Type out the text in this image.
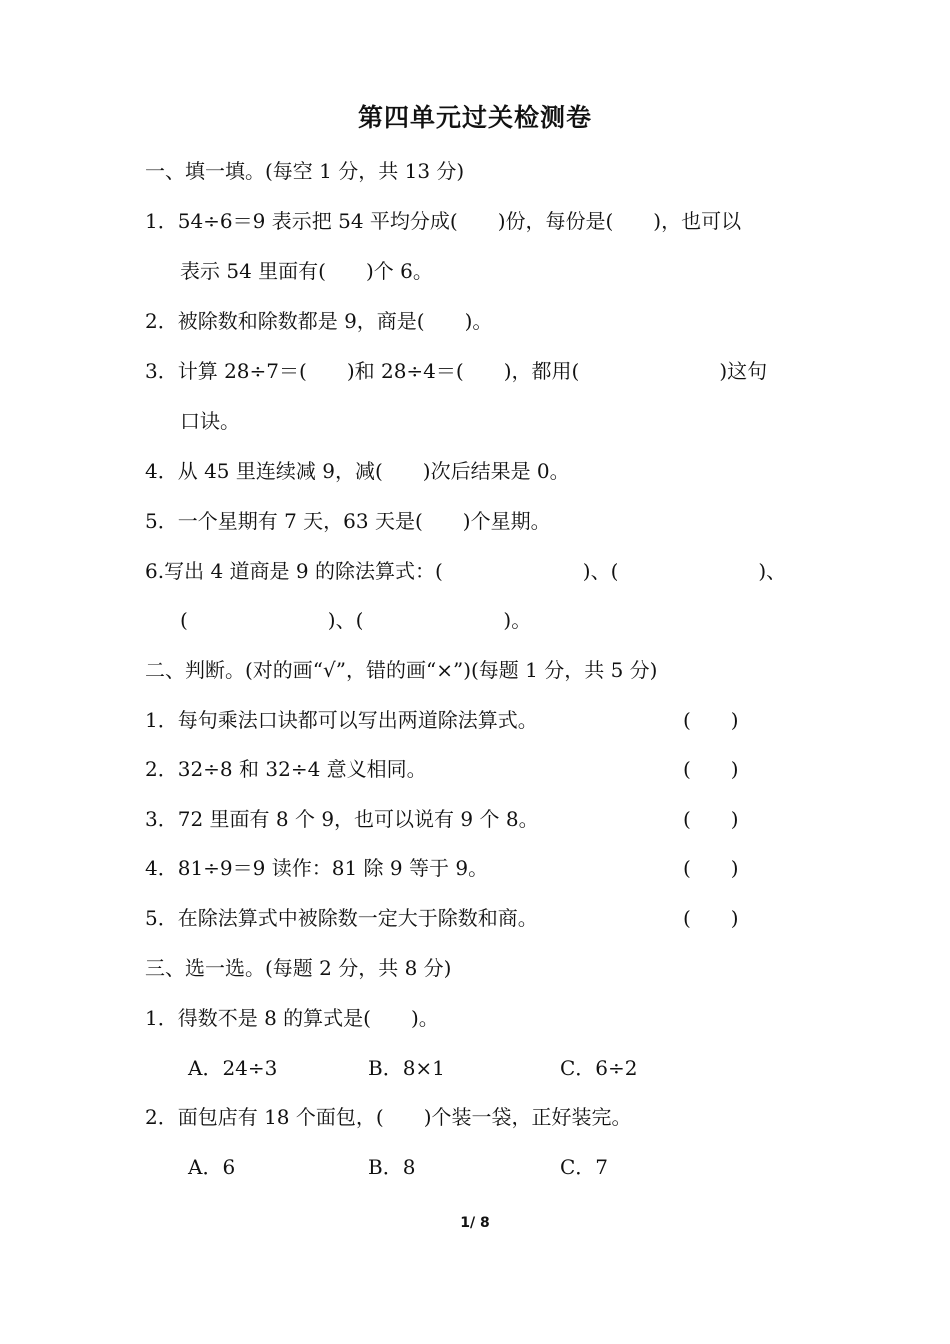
第四单元过关检测卷
一、填一填。(每空 1 分，共 13 分)
1．54÷6＝9 表示把 54 平均分成(　　)份，每份是(　　)，也可以
表示 54 里面有(　　)个 6。
2．被除数和除数都是 9，商是(　　)。
3．计算 28÷7＝(　　)和 28÷4＝(　　)，都用(　　　　　　　)这句
口诀。
4．从 45 里连续减 9，减(　　)次后结果是 0。
5．一个星期有 7 天，63 天是(　　)个星期。
6.写出 4 道商是 9 的除法算式：(　　　　　　　)、(　　　　　　　)、
(　　　　　　　)、(　　　　　　　)。
二、判断。(对的画“√”，错的画“×”)(每题 1 分，共 5 分)
1．每句乘法口诀都可以写出两道除法算式。	(　　)
2．32÷8 和 32÷4 意义相同。	(　　)
3．72 里面有 8 个 9，也可以说有 9 个 8。	(　　)
4．81÷9＝9 读作：81 除 9 等于 9。	(　　)
5．在除法算式中被除数一定大于除数和商。	(　　)
三、选一选。(每题 2 分，共 8 分)
1．得数不是 8 的算式是(　　)。
A．24÷3	B．8×1	C．6÷2
2．面包店有 18 个面包，(　　)个装一袋，正好装完。
A．6	B．8	C．7
1/ 8
